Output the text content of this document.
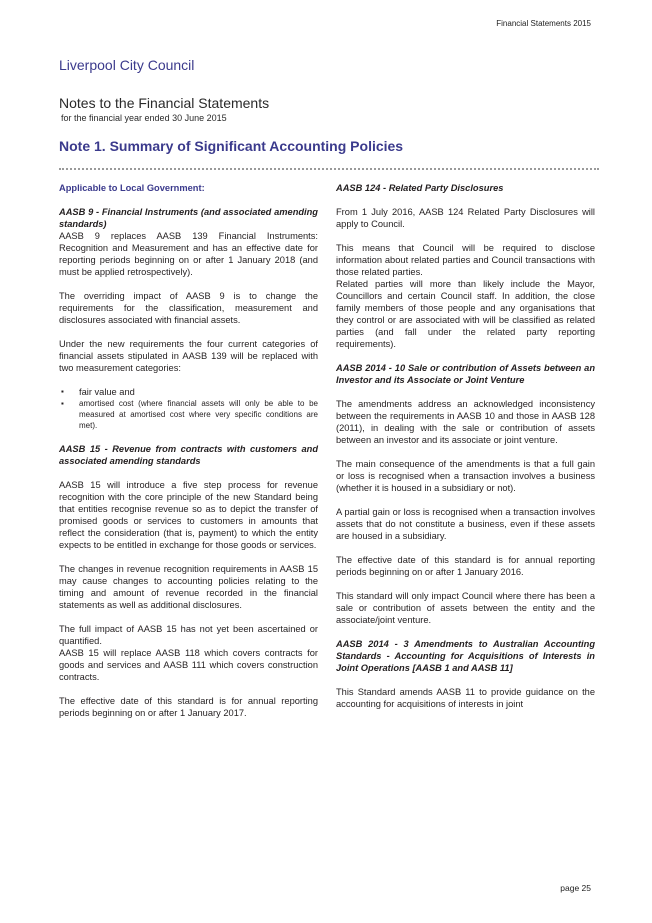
Financial Statements 2015
Liverpool City Council
Notes to the Financial Statements
for the financial year ended 30 June 2015
Note 1. Summary of Significant Accounting Policies

Applicable to Local Government:

AASB 9 - Financial Instruments (and associated amending standards)

AASB 9 replaces AASB 139 Financial Instruments: Recognition and Measurement and has an effective date for reporting periods beginning on or after 1 January 2018 (and must be applied retrospectively).

The overriding impact of AASB 9 is to change the requirements for the classification, measurement and disclosures associated with financial assets.

Under the new requirements the four current categories of financial assets stipulated in AASB 139 will be replaced with two measurement categories:

▪ fair value and
▪ amortised cost (where financial assets will only be able to be measured at amortised cost where very specific conditions are met).

AASB 15 - Revenue from contracts with customers and associated amending standards

AASB 15 will introduce a five step process for revenue recognition with the core principle of the new Standard being that entities recognise revenue so as to depict the transfer of promised goods or services to customers in amounts that reflect the consideration (that is, payment) to which the entity expects to be entitled in exchange for those goods or services.

The changes in revenue recognition requirements in AASB 15 may cause changes to accounting policies relating to the timing and amount of revenue recorded in the financial statements as well as additional disclosures.

The full impact of AASB 15 has not yet been ascertained or quantified.

AASB 15 will replace AASB 118 which covers contracts for goods and services and AASB 111 which covers construction contracts.

The effective date of this standard is for annual reporting periods beginning on or after 1 January 2017.

AASB 124 - Related Party Disclosures

From 1 July 2016, AASB 124 Related Party Disclosures will apply to Council.

This means that Council will be required to disclose information about related parties and Council transactions with those related parties.

Related parties will more than likely include the Mayor, Councillors and certain Council staff. In addition, the close family members of those people and any organisations that they control or are associated with will be classified as related parties (and fall under the related party reporting requirements).

AASB 2014 - 10 Sale or contribution of Assets between an Investor and its Associate or Joint Venture

The amendments address an acknowledged inconsistency between the requirements in AASB 10 and those in AASB 128 (2011), in dealing with the sale or contribution of assets between an investor and its associate or joint venture.

The main consequence of the amendments is that a full gain or loss is recognised when a transaction involves a business (whether it is housed in a subsidiary or not).

A partial gain or loss is recognised when a transaction involves assets that do not constitute a business, even if these assets are housed in a subsidiary.

The effective date of this standard is for annual reporting periods beginning on or after 1 January 2016.

This standard will only impact Council where there has been a sale or contribution of assets between the entity and the associate/joint venture.

AASB 2014 - 3 Amendments to Australian Accounting Standards - Accounting for Acquisitions of Interests in Joint Operations [AASB 1 and AASB 11]

This Standard amends AASB 11 to provide guidance on the accounting for acquisitions of interests in joint

page 25
